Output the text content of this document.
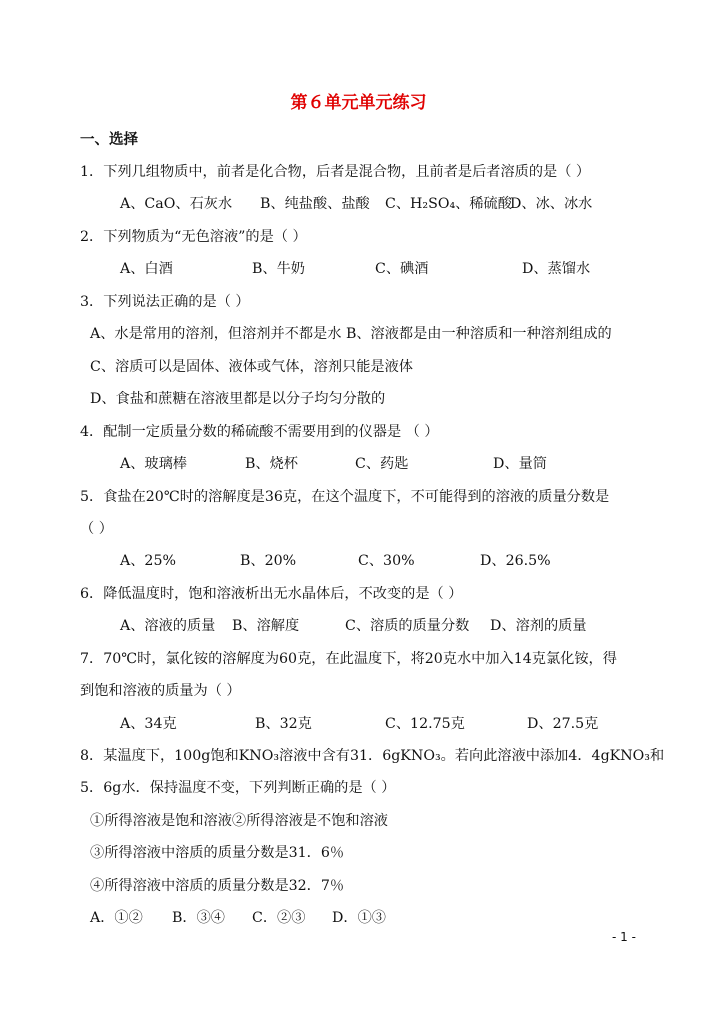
第６单元单元练习
一、选择
1．下列几组物质中，前者是化合物，后者是混合物，且前者是后者溶质的是（ ）
A、CaO、石灰水 B、纯盐酸、盐酸 C、H₂SO₄、稀硫酸
D、冰、冰水
2．下列物质为“无色溶液”的是（ ）
A、白酒	B、牛奶	C、碘酒	D、蒸馏水
3．下列说法正确的是（ ）
A、水是常用的溶剂，但溶剂并不都是水 B、溶液都是由一种溶质和一种溶剂组成的
C、溶质可以是固体、液体或气体，溶剂只能是液体
D、食盐和蔗糖在溶液里都是以分子均匀分散的
4．配制一定质量分数的稀硫酸不需要用到的仪器是 （ ）
A、玻璃棒	B、烧杯	C、药匙	D、量筒
5．食盐在20℃时的溶解度是36克，在这个温度下，不可能得到的溶液的质量分数是
（ ）
A、25%	B、20%	C、30%	D、26.5%
6．降低温度时，饱和溶液析出无水晶体后，不改变的是（ ）
A、溶液的质量 B、溶解度	C、溶质的质量分数 D、溶剂的质量
7．70℃时，氯化铵的溶解度为60克，在此温度下，将20克水中加入14克氯化铵，得
到饱和溶液的质量为（ ）
A、34克	B、32克	C、12.75克	D、27.5克
8．某温度下，100g饱和KNO₃溶液中含有31．6gKNO₃。若向此溶液中添加4．4gKNO₃和
5．6g水．保持温度不变，下列判断正确的是（ ）
①所得溶液是饱和溶液②所得溶液是不饱和溶液
③所得溶液中溶质的质量分数是31．6％
④所得溶液中溶质的质量分数是32．7％
A．①② B．③④ C．②③ D．①③
- 1 -
